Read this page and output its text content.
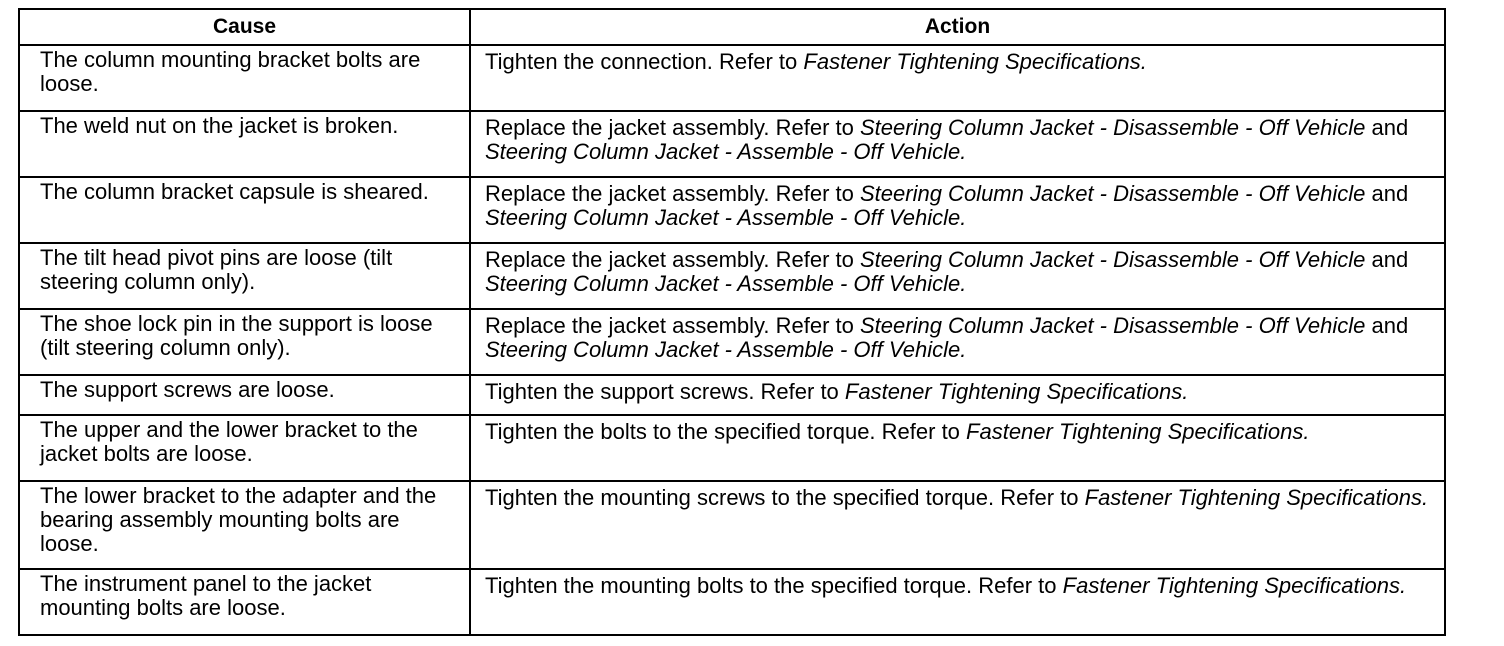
Cause	Action
The column mounting bracket bolts are loose.	Tighten the connection. Refer to Fastener Tightening Specifications.
The weld nut on the jacket is broken.	Replace the jacket assembly. Refer to Steering Column Jacket - Disassemble - Off Vehicle and Steering Column Jacket - Assemble - Off Vehicle.
The column bracket capsule is sheared.	Replace the jacket assembly. Refer to Steering Column Jacket - Disassemble - Off Vehicle and Steering Column Jacket - Assemble - Off Vehicle.
The tilt head pivot pins are loose (tilt steering column only).	Replace the jacket assembly. Refer to Steering Column Jacket - Disassemble - Off Vehicle and Steering Column Jacket - Assemble - Off Vehicle.
The shoe lock pin in the support is loose (tilt steering column only).	Replace the jacket assembly. Refer to Steering Column Jacket - Disassemble - Off Vehicle and Steering Column Jacket - Assemble - Off Vehicle.
The support screws are loose.	Tighten the support screws. Refer to Fastener Tightening Specifications.
The upper and the lower bracket to the jacket bolts are loose.	Tighten the bolts to the specified torque. Refer to Fastener Tightening Specifications.
The lower bracket to the adapter and the bearing assembly mounting bolts are loose.	Tighten the mounting screws to the specified torque. Refer to Fastener Tightening Specifications.
The instrument panel to the jacket mounting bolts are loose.	Tighten the mounting bolts to the specified torque. Refer to Fastener Tightening Specifications.
